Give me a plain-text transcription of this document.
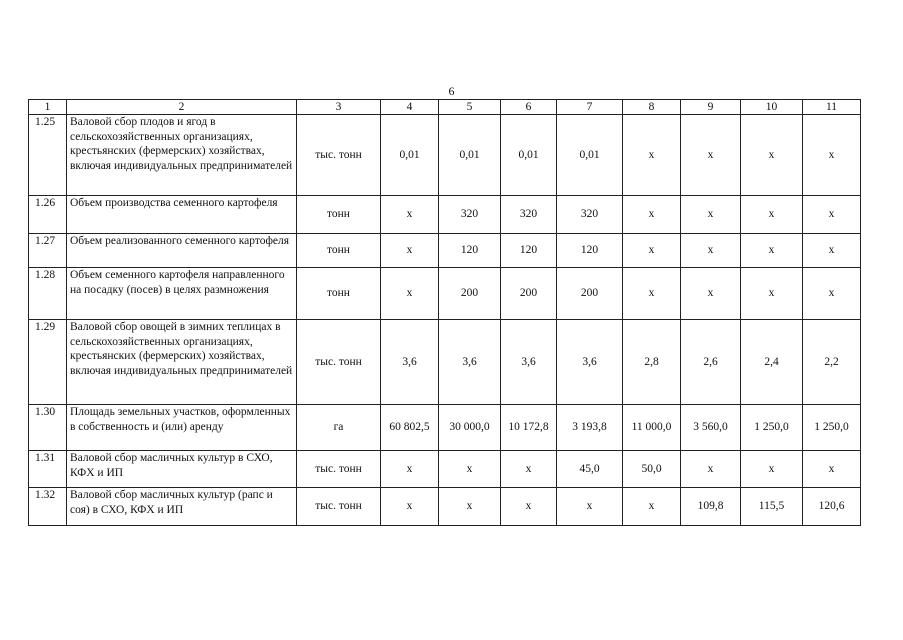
6
1	2	3	4	5	6	7	8	9	10	11
1.25	Валовой сбор плодов и ягод в сельскохозяйственных организациях, крестьянских (фермерских) хозяйствах, включая индивидуальных предпринимателей	тыс. тонн	0,01	0,01	0,01	0,01	х	х	х	х
1.26	Объем производства семенного картофеля	тонн	х	320	320	320	х	х	х	х
1.27	Объем реализованного семенного картофеля	тонн	х	120	120	120	х	х	х	х
1.28	Объем семенного картофеля направленного на посадку (посев) в целях размножения	тонн	х	200	200	200	х	х	х	х
1.29	Валовой сбор овощей в зимних теплицах в сельскохозяйственных организациях, крестьянских (фермерских) хозяйствах, включая индивидуальных предпринимателей	тыс. тонн	3,6	3,6	3,6	3,6	2,8	2,6	2,4	2,2
1.30	Площадь земельных участков, оформленных в собственность и (или) аренду	га	60 802,5	30 000,0	10 172,8	3 193,8	11 000,0	3 560,0	1 250,0	1 250,0
1.31	Валовой сбор масличных культур в СХО, КФХ и ИП	тыс. тонн	х	х	х	45,0	50,0	х	х	х
1.32	Валовой сбор масличных культур (рапс и соя) в СХО, КФХ и ИП	тыс. тонн	х	х	х	х	х	109,8	115,5	120,6
